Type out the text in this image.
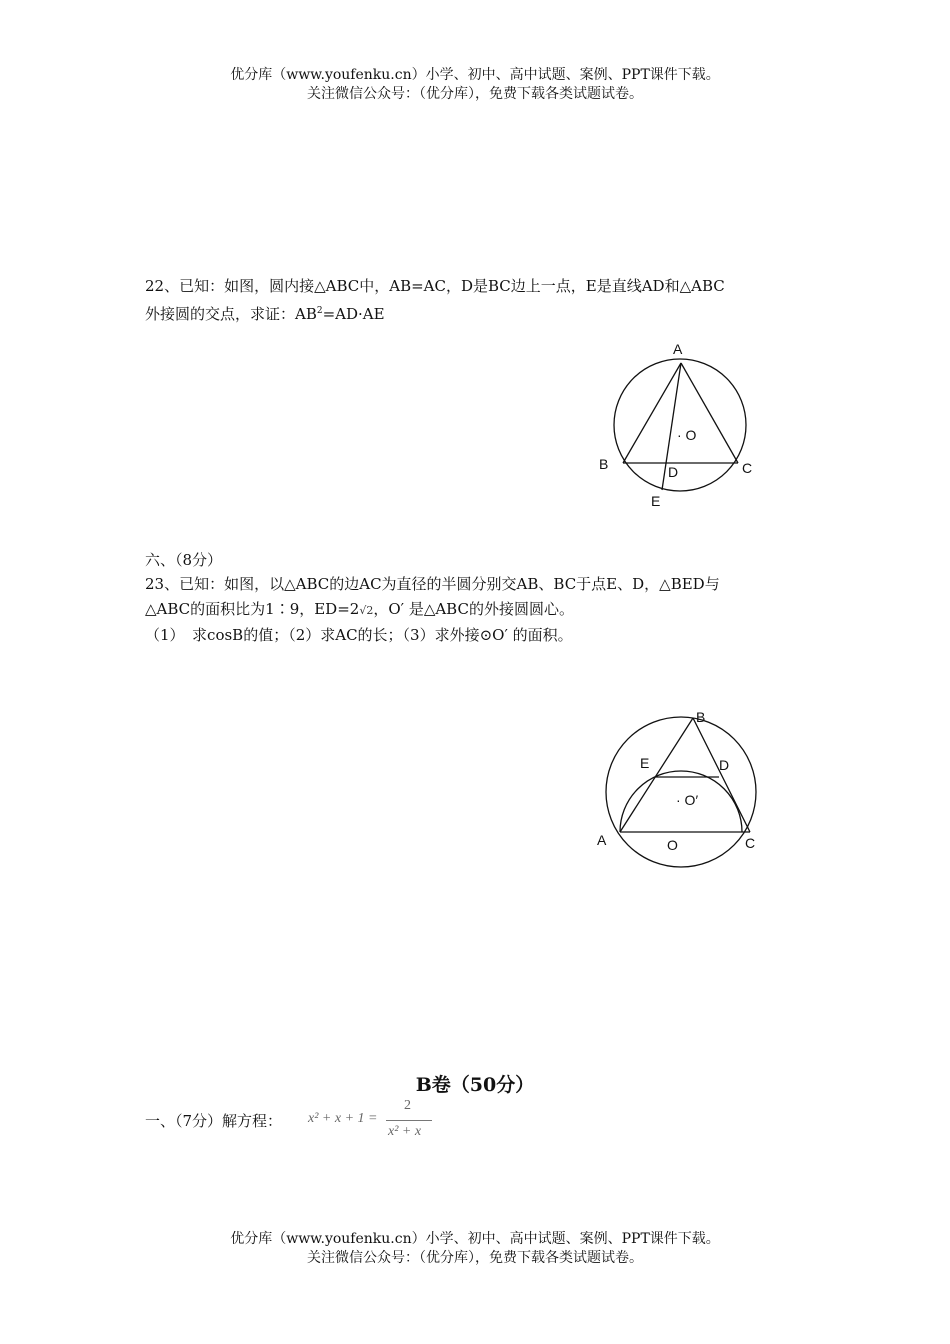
优分库（www.youfenku.cn）小学、初中、高中试题、案例、PPT课件下载。
关注微信公众号：（优分库），免费下载各类试题试卷。
22、已知：如图，圆内接△ABC中，AB=AC，D是BC边上一点，E是直线AD和△ABC
外接圆的交点，求证：$AB^2=AD\cdot AE$
A
B	C
D
E
· O
六、（8分）
23、已知：如图，以△ABC的边AC为直径的半圆分别交AB、BC于点E、D，△BED与
△ABC的面积比为1∶9，ED=2√2，O′ 是△ABC的外接圆圆心。
（1）　求cosB的值；（2）求AC的长；（3）求外接⊙O′ 的面积。
B
E	D
· O′
A	O	C
B卷（50分）
一、（7分）解方程： x² + x + 1 =
2
x² + x
优分库（www.youfenku.cn）小学、初中、高中试题、案例、PPT课件下载。
关注微信公众号：（优分库），免费下载各类试题试卷。
